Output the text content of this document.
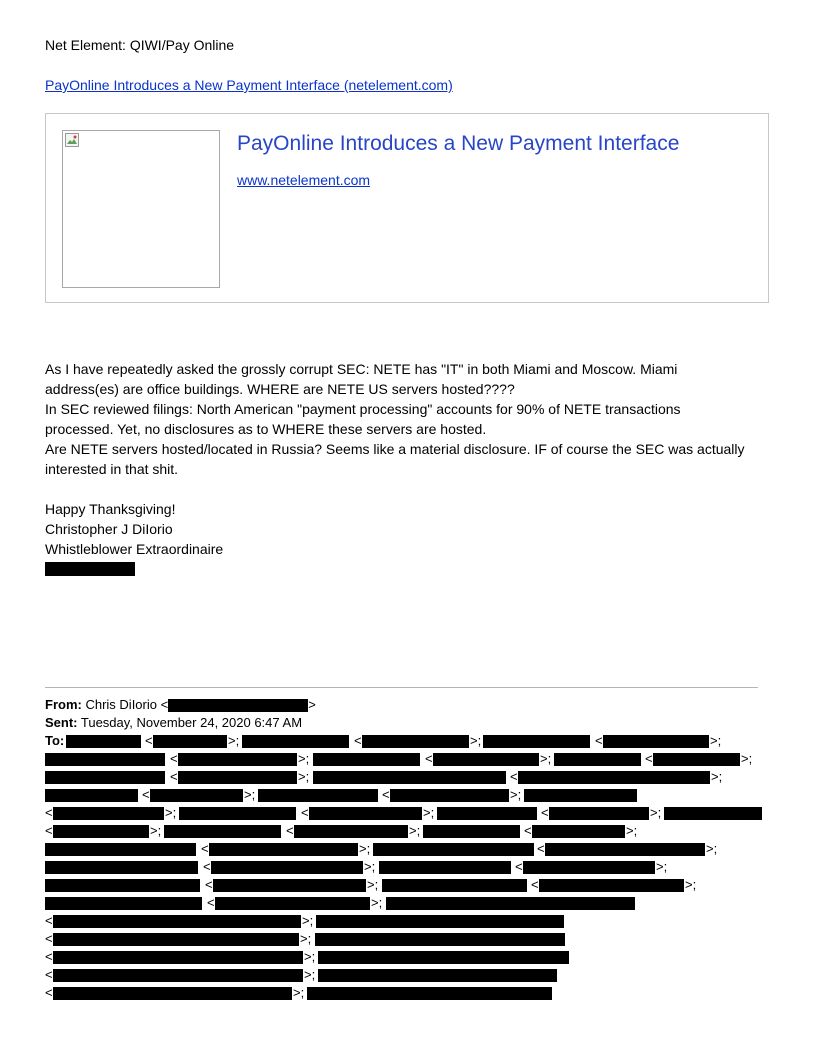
Net Element: QIWI/Pay Online
PayOnline Introduces a New Payment Interface (netelement.com)
PayOnline Introduces a New Payment Interface
www.netelement.com

As I have repeatedly asked the grossly corrupt SEC: NETE has "IT" in both Miami and Moscow. Miami

address(es) are office buildings. WHERE are NETE US servers hosted????

In SEC reviewed filings: North American "payment processing" accounts for 90% of NETE transactions

processed. Yet, no disclosures as to WHERE these servers are hosted.

Are NETE servers hosted/located in Russia? Seems like a material disclosure. IF of course the SEC was actually

interested in that shit.

Happy Thanksgiving!

Christopher J DiIorio

Whistleblower Extraordinaire

From: Chris DiIorio <	>
Sent: Tuesday, November 24, 2020 6:47 AM
To:	<	>;	<	>;	<	>;
<	>;	<	>;	<	>;
<	>;	<	>;
<	>;	<	>;
<	>;	<	>;	<	>;
<	>;	<	>;	<	>;
<	>;	<	>;
<	>;	<	>;
<	>;	<	>;
<	>;
<	>;
<	>;
<	>;
<	>;
<	>;
